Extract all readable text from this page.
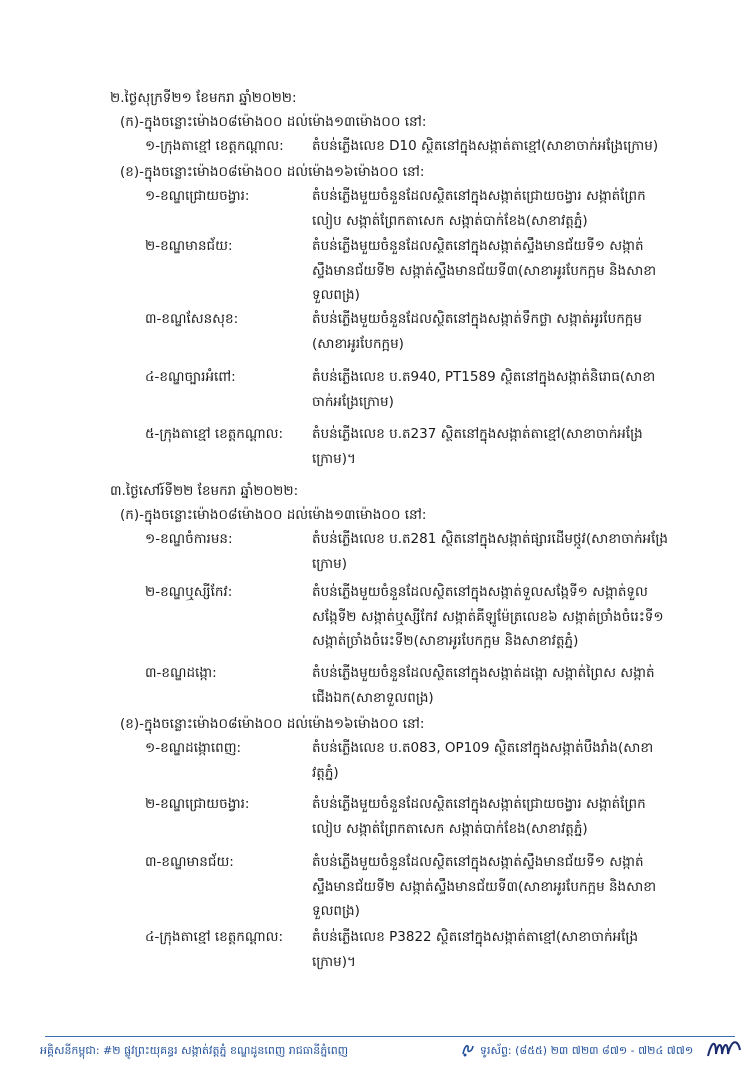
២.ថ្ងៃសុក្រទី២១ ខែមករា ឆ្នាំ២០២២:
(ក)-ក្នុងចន្លោះម៉ោង០៨ម៉ោង០០ ដល់ម៉ោង១៣ម៉ោង០០ នៅ:
១-ក្រុងតាខ្មៅ ខេត្តកណ្តាល: តំបន់ភ្លើងលេខ D10 ស្ថិតនៅក្នុងសង្កាត់តាខ្មៅ(សាខាចាក់អង្រែក្រោម)
(ខ)-ក្នុងចន្លោះម៉ោង០៨ម៉ោង០០ ដល់ម៉ោង១៦ម៉ោង០០ នៅ:
១-ខណ្ឌជ្រោយចង្វារ:	តំបន់ភ្លើងមួយចំនួនដែលស្ថិតនៅក្នុងសង្កាត់ជ្រោយចង្វារ សង្កាត់ព្រែក
លៀប សង្កាត់ព្រែកតាសេក សង្កាត់បាក់ខែង(សាខាវត្តភ្នំ)
២-ខណ្ឌមានជ័យ:	តំបន់ភ្លើងមួយចំនួនដែលស្ថិតនៅក្នុងសង្កាត់ស្ទឹងមានជ័យទី១ សង្កាត់
ស្ទឹងមានជ័យទី២ សង្កាត់ស្ទឹងមានជ័យទី៣(សាខាអូរបែកក្អម និងសាខា
ទួលពង្រ)
៣-ខណ្ឌសែនសុខ:	តំបន់ភ្លើងមួយចំនួនដែលស្ថិតនៅក្នុងសង្កាត់ទឹកថ្លា សង្កាត់អូរបែកក្អម
(សាខាអូរបែកក្អម)
៤-ខណ្ឌច្បារអំពៅ:	តំបន់ភ្លើងលេខ ប.ត940, PT1589 ស្ថិតនៅក្នុងសង្កាត់និរោធ(សាខា
ចាក់អង្រែក្រោម)
៥-ក្រុងតាខ្មៅ ខេត្តកណ្តាល: តំបន់ភ្លើងលេខ ប.ត237 ស្ថិតនៅក្នុងសង្កាត់តាខ្មៅ(សាខាចាក់អង្រែ
ក្រោម)។
៣.ថ្ងៃសៅរ៍ទី២២ ខែមករា ឆ្នាំ២០២២:
(ក)-ក្នុងចន្លោះម៉ោង០៨ម៉ោង០០ ដល់ម៉ោង១៣ម៉ោង០០ នៅ:
១-ខណ្ឌចំការមន:	តំបន់ភ្លើងលេខ ប.ត281 ស្ថិតនៅក្នុងសង្កាត់ផ្សារដើមថ្កូវ(សាខាចាក់អង្រែ
ក្រោម)
២-ខណ្ឌឬស្សីកែវ:	តំបន់ភ្លើងមួយចំនួនដែលស្ថិតនៅក្នុងសង្កាត់ទួលសង្កែទី១ សង្កាត់ទួល
សង្កែទី២ សង្កាត់ឬស្សីកែវ សង្កាត់គីឡូម៉ែត្រលេខ៦ សង្កាត់ច្រាំងចំរេះទី១
សង្កាត់ច្រាំងចំរេះទី២(សាខាអូរបែកក្អម និងសាខាវត្តភ្នំ)
៣-ខណ្ឌដង្កោ:	តំបន់ភ្លើងមួយចំនួនដែលស្ថិតនៅក្នុងសង្កាត់ដង្កោ សង្កាត់ព្រៃស សង្កាត់
ជើងឯក(សាខាទួលពង្រ)
(ខ)-ក្នុងចន្លោះម៉ោង០៨ម៉ោង០០ ដល់ម៉ោង១៦ម៉ោង០០ នៅ:
១-ខណ្ឌដង្កោពេញ:	តំបន់ភ្លើងលេខ ប.ត083, OP109 ស្ថិតនៅក្នុងសង្កាត់បឹងរាំង(សាខា
វត្តភ្នំ)
២-ខណ្ឌជ្រោយចង្វារ:	តំបន់ភ្លើងមួយចំនួនដែលស្ថិតនៅក្នុងសង្កាត់ជ្រោយចង្វារ សង្កាត់ព្រែក
លៀប សង្កាត់ព្រែកតាសេក សង្កាត់បាក់ខែង(សាខាវត្តភ្នំ)
៣-ខណ្ឌមានជ័យ:	តំបន់ភ្លើងមួយចំនួនដែលស្ថិតនៅក្នុងសង្កាត់ស្ទឹងមានជ័យទី១ សង្កាត់
ស្ទឹងមានជ័យទី២ សង្កាត់ស្ទឹងមានជ័យទី៣(សាខាអូរបែកក្អម និងសាខា
ទួលពង្រ)
៤-ក្រុងតាខ្មៅ ខេត្តកណ្តាល: តំបន់ភ្លើងលេខ P3822 ស្ថិតនៅក្នុងសង្កាត់តាខ្មៅ(សាខាចាក់អង្រែ
ក្រោម)។
អគ្គិសនីកម្ពុជា: #២ ផ្លូវព្រះយុគន្ធរ សង្កាត់វត្តភ្នំ ខណ្ឌដូនពេញ រាជធានីភ្នំពេញ	ទូរស័ព្ទ: (៨៥៥) ២៣ ៧២៣ ៨៧១ - ៧២៤ ៧៧១
